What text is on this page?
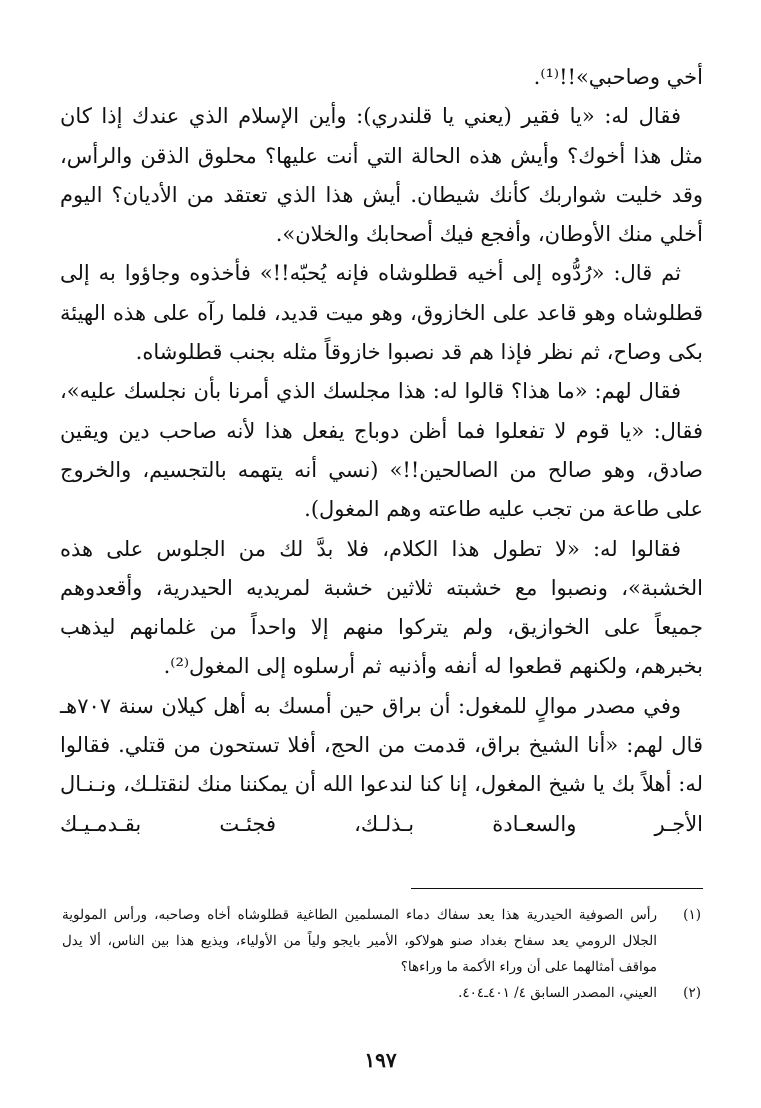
أخي وصاحبي»!!⁽¹⁾.

فقال له: «يا فقير (يعني يا قلندري): وأين الإسلام الذي عندك إذا كان مثل هذا أخوك؟ وأيش هذه الحالة التي أنت عليها؟ محلوق الذقن والرأس، وقد خليت شواربك كأنك شيطان. أيش هذا الذي تعتقد من الأديان؟ اليوم أخلي منك الأوطان، وأفجع فيك أصحابك والخلان».

ثم قال: «رُدُّوه إلى أخيه قطلوشاه فإنه يُحبّه!!» فأخذوه وجاؤوا به إلى قطلوشاه وهو قاعد على الخازوق، وهو ميت قديد، فلما رآه على هذه الهيئة بكى وصاح، ثم نظر فإذا هم قد نصبوا خازوقاً مثله بجنب قطلوشاه.

فقال لهم: «ما هذا؟ قالوا له: هذا مجلسك الذي أمرنا بأن نجلسك عليه»، فقال: «يا قوم لا تفعلوا فما أظن دوباج يفعل هذا لأنه صاحب دين ويقين صادق، وهو صالح من الصالحين!!» (نسي أنه يتهمه بالتجسيم، والخروج على طاعة من تجب عليه طاعته وهم المغول).

فقالوا له: «لا تطول هذا الكلام، فلا بدَّ لك من الجلوس على هذه الخشبة»، ونصبوا مع خشبته ثلاثين خشبة لمريديه الحيدرية، وأقعدوهم جميعاً على الخوازيق، ولم يتركوا منهم إلا واحداً من غلمانهم ليذهب بخبرهم، ولكنهم قطعوا له أنفه وأذنيه ثم أرسلوه إلى المغول⁽²⁾.

وفي مصدر موالٍ للمغول: أن براق حين أمسك به أهل كيلان سنة ٧٠٧هـ قال لهم: «أنا الشيخ براق، قدمت من الحج، أفلا تستحون من قتلي. فقالوا له: أهلاً بك يا شيخ المغول، إنا كنا لندعوا الله أن يمكننا منك لنقتلـك، ونـنـال الأجـر والسعـادة بـذلـك، فجئـت بقـدمـيـك

(١)
رأس الصوفية الحيدرية هذا يعد سفاك دماء المسلمين الطاغية قطلوشاه أخاه وصاحبه، ورأس المولوية الجلال الرومي يعد سفاح بغداد صنو هولاكو، الأمير بايجو ولياً من الأولياء، ويذيع هذا بين الناس، ألا يدل مواقف أمثالهما على أن وراء الأكمة ما وراءها؟
(٢)
العيني، المصدر السابق ٤/ ٤٠١ـ٤٠٤.
١٩٧
